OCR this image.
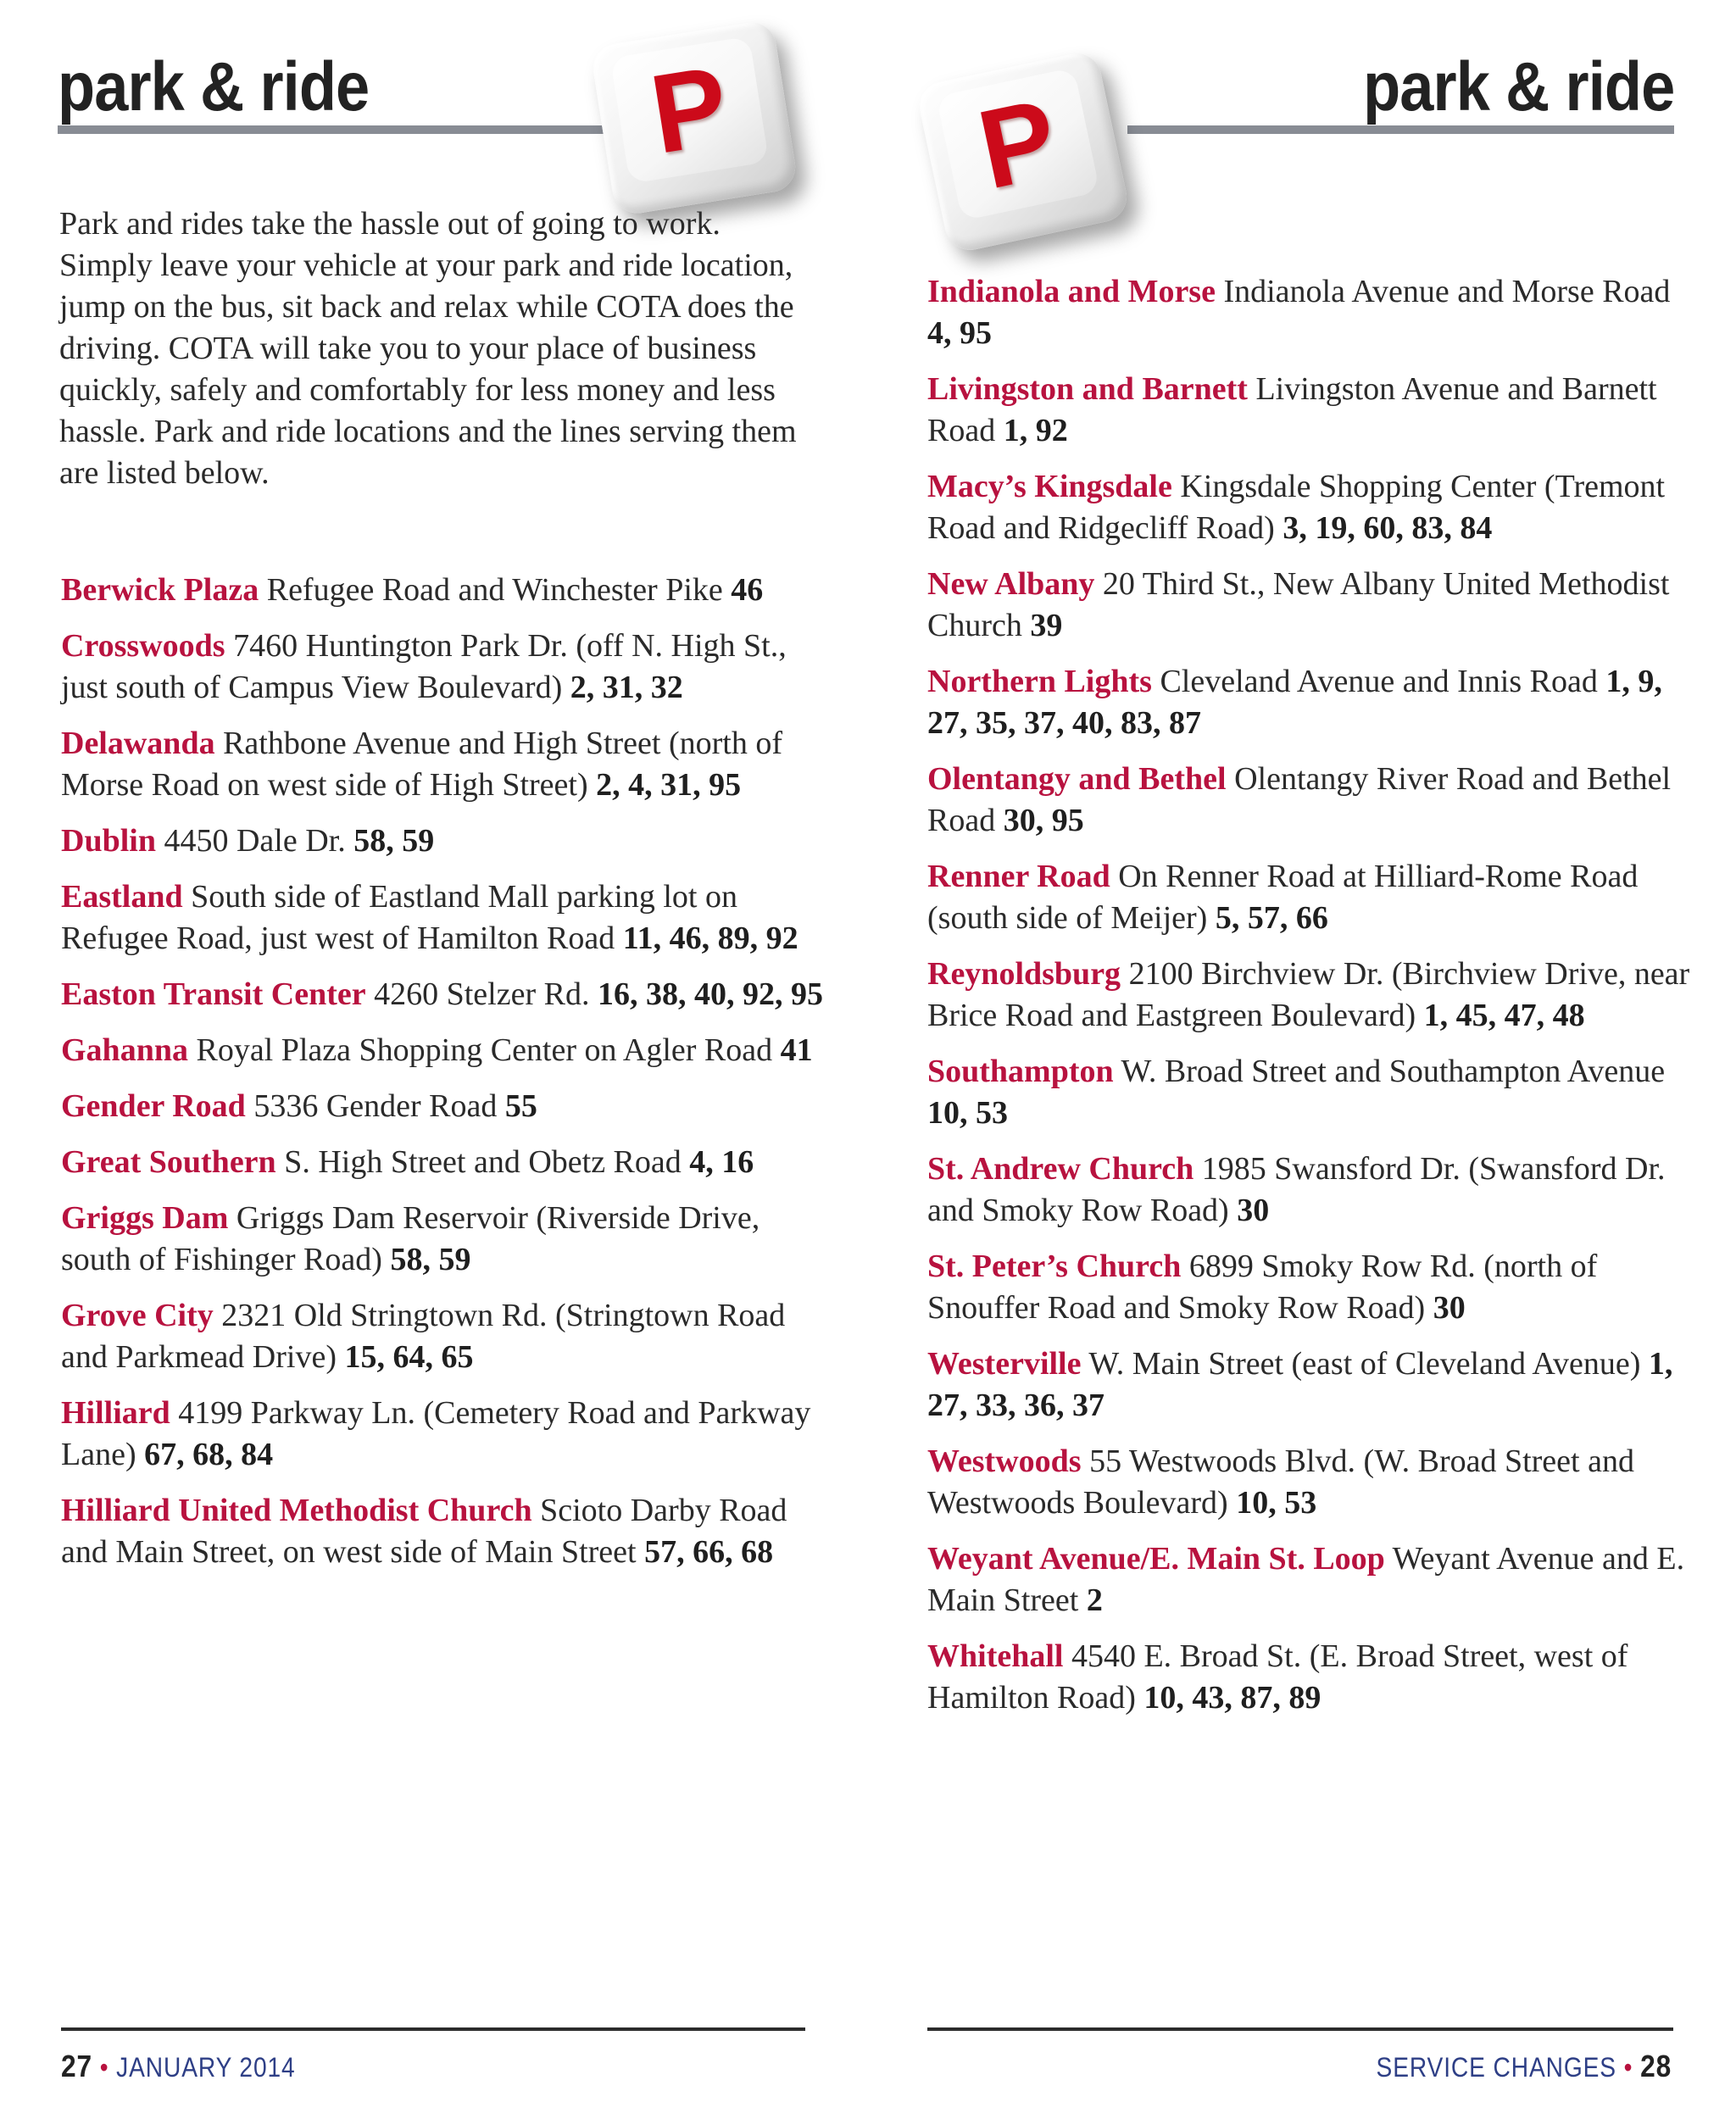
park & ride P	park & ride
P

Park and rides take the hassle out of going to work. Simply leave your vehicle at your park and ride location, jump on the bus, sit back and relax while COTA does the driving. COTA will take you to your place of business quickly, safely and comfortably for less money and less hassle. Park and ride locations and the lines serving them are listed below.

Berwick Plaza Refugee Road and Winchester Pike 46
Crosswoods 7460 Huntington Park Dr. (off N. High St., just south of Campus View Boulevard) 2, 31, 32
Delawanda Rathbone Avenue and High Street (north of Morse Road on west side of High Street) 2, 4, 31, 95
Dublin 4450 Dale Dr. 58, 59
Eastland South side of Eastland Mall parking lot on Refugee Road, just west of Hamilton Road 11, 46, 89, 92
Easton Transit Center 4260 Stelzer Rd. 16, 38, 40, 92, 95
Gahanna Royal Plaza Shopping Center on Agler Road 41
Gender Road 5336 Gender Road 55
Great Southern S. High Street and Obetz Road 4, 16
Griggs Dam Griggs Dam Reservoir (Riverside Drive, south of Fishinger Road) 58, 59
Grove City 2321 Old Stringtown Rd. (Stringtown Road and Parkmead Drive) 15, 64, 65
Hilliard 4199 Parkway Ln. (Cemetery Road and Parkway Lane) 67, 68, 84
Hilliard United Methodist Church Scioto Darby Road and Main Street, on west side of Main Street 57, 66, 68
Indianola and Morse Indianola Avenue and Morse Road 4, 95
Livingston and Barnett Livingston Avenue and Barnett Road 1, 92
Macy’s Kingsdale Kingsdale Shopping Center (Tremont Road and Ridgecliff Road) 3, 19, 60, 83, 84
New Albany 20 Third St., New Albany United Methodist Church 39
Northern Lights Cleveland Avenue and Innis Road 1, 9, 27, 35, 37, 40, 83, 87
Olentangy and Bethel Olentangy River Road and Bethel Road 30, 95
Renner Road On Renner Road at Hilliard-Rome Road (south side of Meijer) 5, 57, 66
Reynoldsburg 2100 Birchview Dr. (Birchview Drive, near Brice Road and Eastgreen Boulevard) 1, 45, 47, 48
Southampton W. Broad Street and Southampton Avenue 10, 53
St. Andrew Church 1985 Swansford Dr. (Swansford Dr. and Smoky Row Road) 30
St. Peter’s Church 6899 Smoky Row Rd. (north of Snouffer Road and Smoky Row Road) 30
Westerville W. Main Street (east of Cleveland Avenue) 1, 27, 33, 36, 37
Westwoods 55 Westwoods Blvd. (W. Broad Street and Westwoods Boulevard) 10, 53
Weyant Avenue/E. Main St. Loop Weyant Avenue and E. Main Street 2
Whitehall 4540 E. Broad St. (E. Broad Street, west of Hamilton Road) 10, 43, 87, 89
27 • JANUARY 2014	SERVICE CHANGES • 28
